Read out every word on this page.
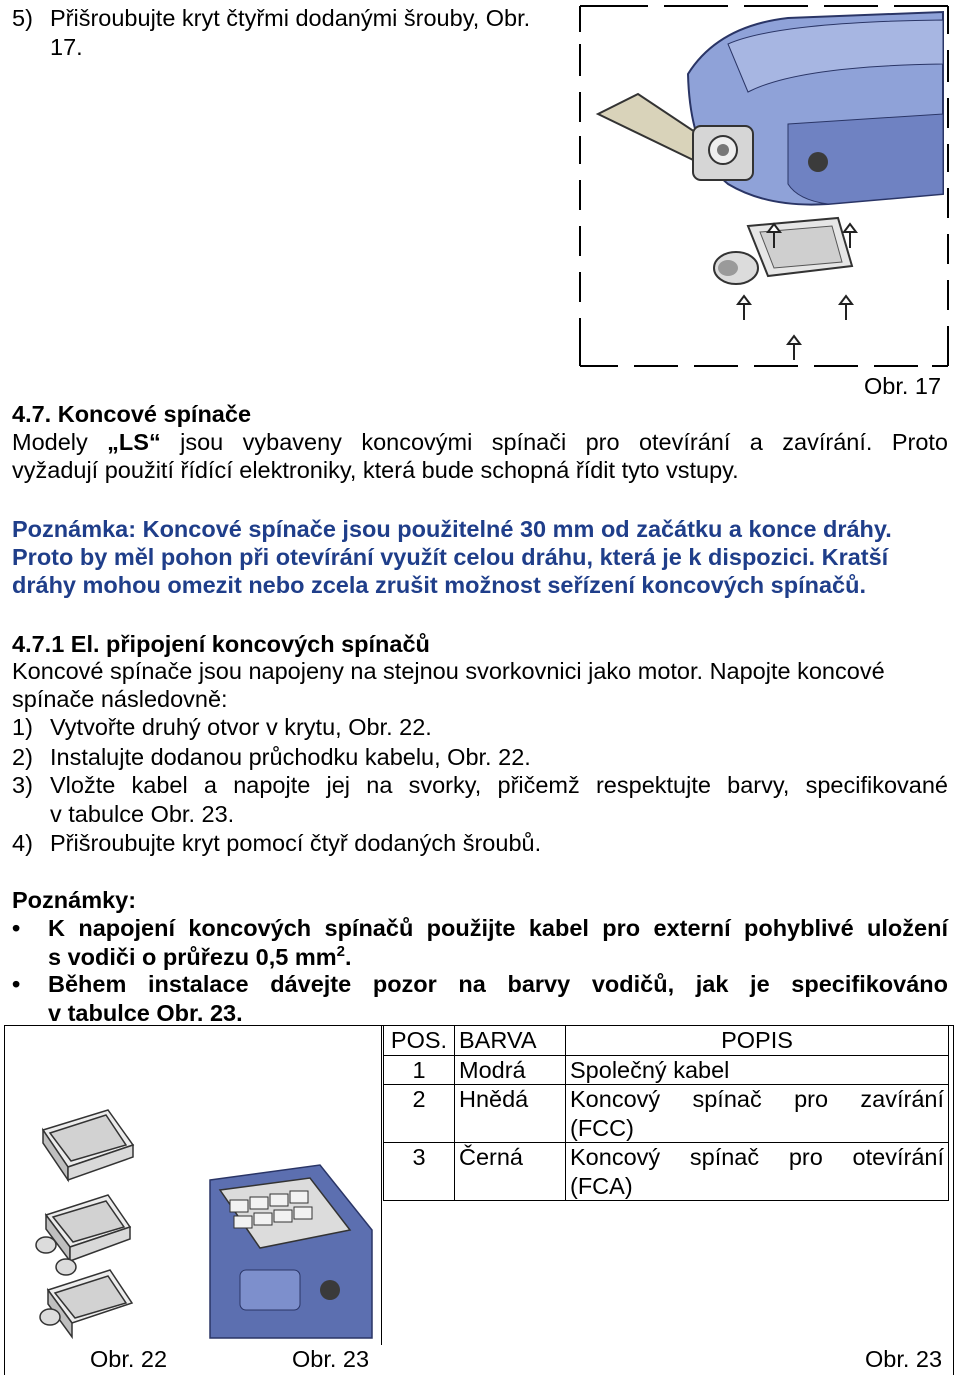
5) Přišroubujte kryt čtyřmi dodanými šrouby, Obr.
17.
Obr. 17
4.7. Koncové spínače
Modely „LS“ jsou vybaveny koncovými spínači pro otevírání a zavírání. Proto
vyžadují použití řídící elektroniky, která bude schopná řídit tyto vstupy.
Poznámka: Koncové spínače jsou použitelné 30 mm od začátku a konce dráhy.
Proto by měl pohon při otevírání využít celou dráhu, která je k dispozici. Kratší
dráhy mohou omezit nebo zcela zrušit možnost seřízení koncových spínačů.
4.7.1 El. připojení koncových spínačů
Koncové spínače jsou napojeny na stejnou svorkovnici jako motor. Napojte koncové
spínače následovně:
1) Vytvořte druhý otvor v krytu, Obr. 22.
2) Instalujte dodanou průchodku kabelu, Obr. 22.
3) Vložte kabel a napojte jej na svorky, přičemž respektujte barvy, specifikované
v tabulce Obr. 23.
4) Přišroubujte kryt pomocí čtyř dodaných šroubů.
Poznámky:
• K napojení koncových spínačů použijte kabel pro externí pohyblivé uložení
s vodiči o průřezu 0,5 $mm^2$.
• Během instalace dávejte pozor na barvy vodičů, jak je specifikováno
v tabulce Obr. 23.
Obr. 22	Obr. 23
POS.	BARVA	POPIS
1	Modrá	Společný kabel
2	Hnědá	Koncový spínač pro zavírání
(FCC)

3	Černá	Koncový spínač pro otevírání
(FCA)
Obr. 23
